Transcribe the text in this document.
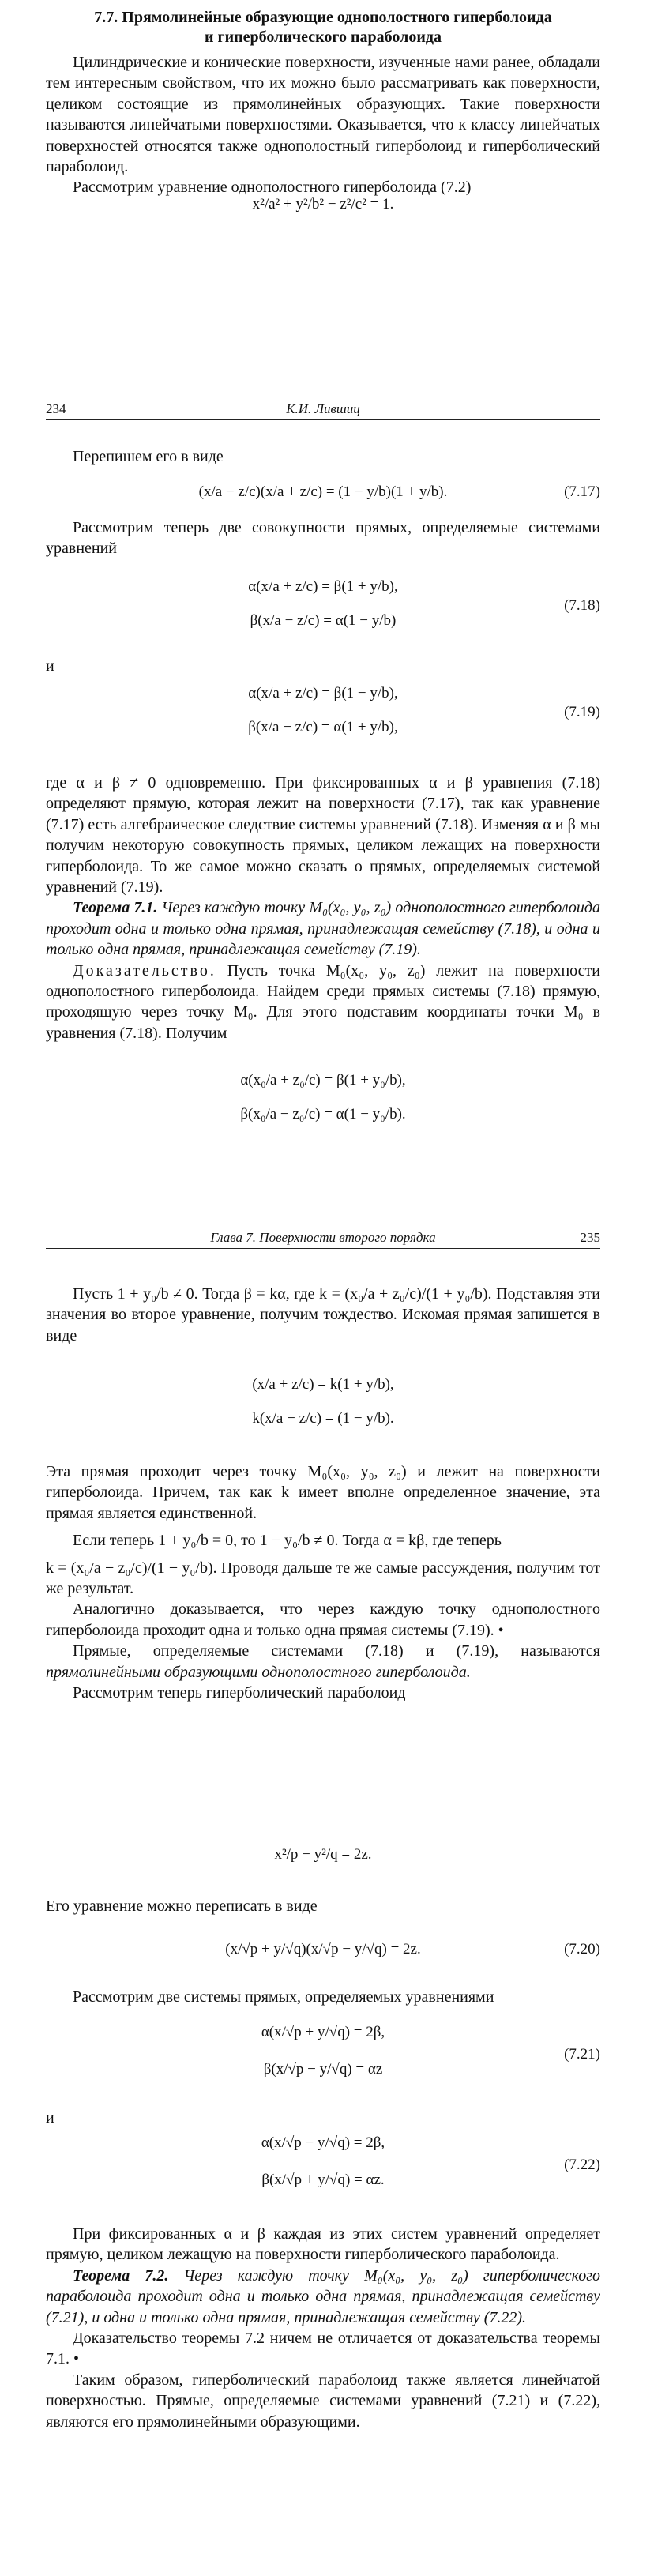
7.7. Прямолинейные образующие однополостного гиперболоида
и гиперболического параболоида

Цилиндрические и конические поверхности, изученные нами ранее, обладали тем интересным свойством, что их можно было рассматривать как поверхности, целиком состоящие из прямолинейных образующих. Такие поверхности называются линейчатыми поверхностями. Оказывается, что к классу линейчатых поверхностей относятся также однополостный гиперболоид и гиперболический параболоид.

Рассмотрим уравнение однополостного гиперболоида (7.2)

x²/a² + y²/b² − z²/c² = 1.
234	К.И. Лившиц

Перепишем его в виде

(x/a − z/c)(x/a + z/c) = (1 − y/b)(1 + y/b).	(7.17)

Рассмотрим теперь две совокупности прямых, определяемые системами уравнений

α(x/a + z/c) = β(1 + y/b),
β(x/a − z/c) = α(1 − y/b)
(7.18)

и

α(x/a + z/c) = β(1 − y/b),
β(x/a − z/c) = α(1 + y/b),
(7.19)

где α и β ≠ 0 одновременно. При фиксированных α и β уравнения (7.18) определяют прямую, которая лежит на поверхности (7.17), так как уравнение (7.17) есть алгебраическое следствие системы уравнений (7.18). Изменяя α и β мы получим некоторую совокупность прямых, целиком лежащих на поверхности гиперболоида. То же самое можно сказать о прямых, определяемых системой уравнений (7.19).

Теорема 7.1. Через каждую точку M₀(x₀, y₀, z₀) однополостного гиперболоида проходит одна и только одна прямая, принадлежащая семейству (7.18), и одна и только одна прямая, принадлежащая семейству (7.19).

Доказательство. Пусть точка M₀(x₀, y₀, z₀) лежит на поверхности однополостного гиперболоида. Найдем среди прямых системы (7.18) прямую, проходящую через точку M₀. Для этого подставим координаты точки M₀ в уравнения (7.18). Получим

α(x₀/a + z₀/c) = β(1 + y₀/b),
β(x₀/a − z₀/c) = α(1 − y₀/b).
Глава 7. Поверхности второго порядка	235

Пусть 1 + y₀/b ≠ 0. Тогда β = kα, где k = (x₀/a + z₀/c)/(1 + y₀/b). Подставляя эти значения во второе уравнение, получим тождество. Искомая прямая запишется в виде

(x/a + z/c) = k(1 + y/b),
k(x/a − z/c) = (1 − y/b).

Эта прямая проходит через точку M₀(x₀, y₀, z₀) и лежит на поверхности гиперболоида. Причем, так как k имеет вполне определенное значение, эта прямая является единственной.

Если теперь 1 + y₀/b = 0, то 1 − y₀/b ≠ 0. Тогда α = kβ, где теперь

k = (x₀/a − z₀/c)/(1 − y₀/b). Проводя дальше те же самые рассуждения, получим тот же результат.

Аналогично доказывается, что через каждую точку однополостного гиперболоида проходит одна и только одна прямая системы (7.19). •

Прямые, определяемые системами (7.18) и (7.19), называются прямолинейными образующими однополостного гиперболоида.

Рассмотрим теперь гиперболический параболоид

x²/p − y²/q = 2z.

Его уравнение можно переписать в виде

(x/√p + y/√q)(x/√p − y/√q) = 2z.	(7.20)

Рассмотрим две системы прямых, определяемых уравнениями

α(x/√p + y/√q) = 2β,
β(x/√p − y/√q) = αz
(7.21)

и

α(x/√p − y/√q) = 2β,
β(x/√p + y/√q) = αz.
(7.22)

При фиксированных α и β каждая из этих систем уравнений определяет прямую, целиком лежащую на поверхности гиперболического параболоида.

Теорема 7.2. Через каждую точку M₀(x₀, y₀, z₀) гиперболического параболоида проходит одна и только одна прямая, принадлежащая семейству (7.21), и одна и только одна прямая, принадлежащая семейству (7.22).

Доказательство теоремы 7.2 ничем не отличается от доказательства теоремы 7.1. •

Таким образом, гиперболический параболоид также является линейчатой поверхностью. Прямые, определяемые системами уравнений (7.21) и (7.22), являются его прямолинейными образующими.
